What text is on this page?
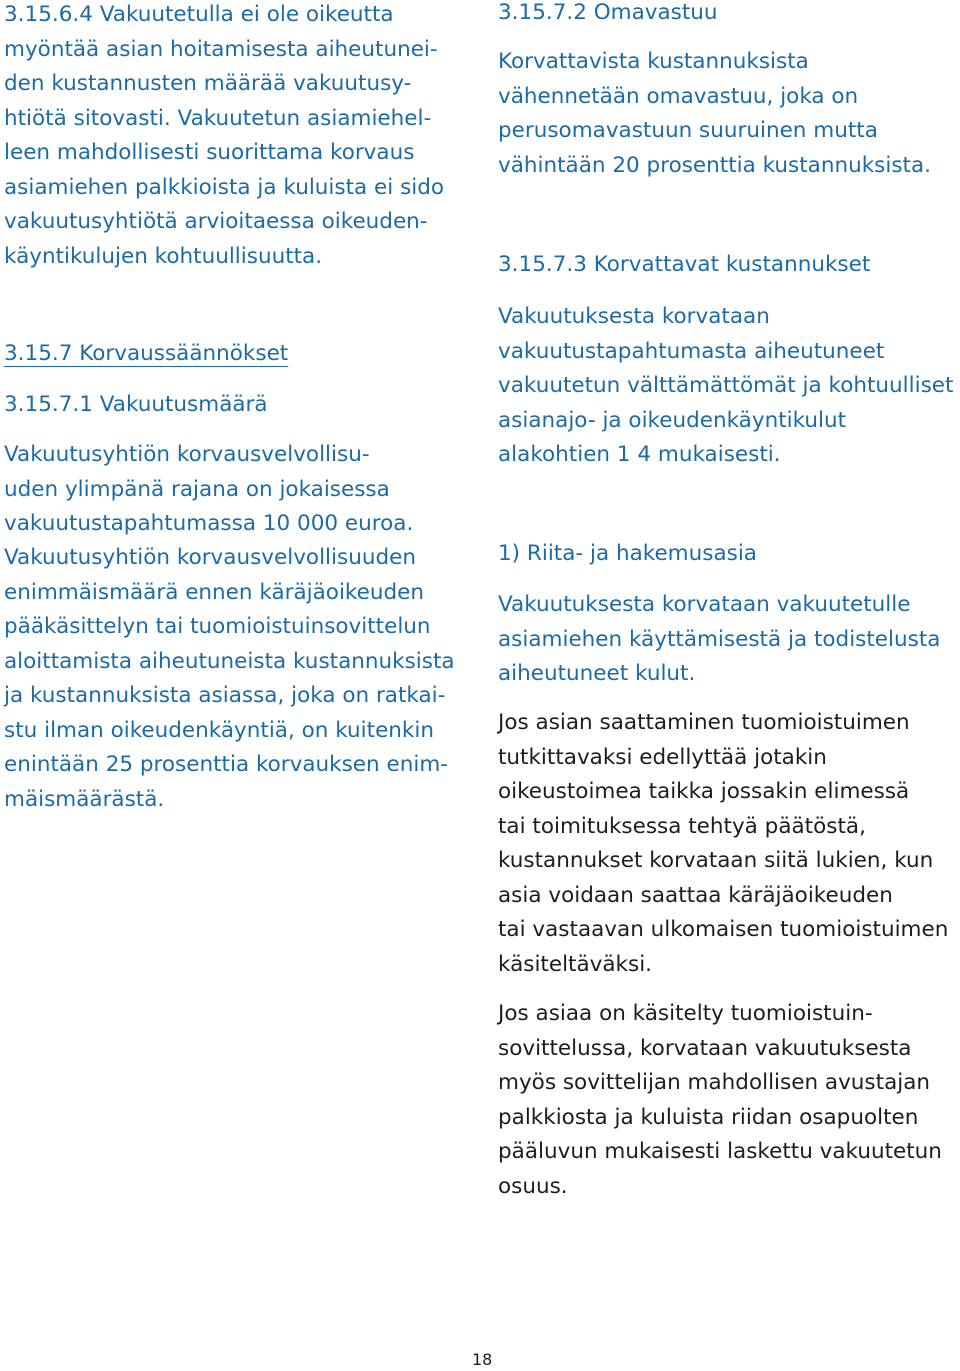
3.15.6.4 Vakuutetulla ei ole oikeutta
myöntää asian hoitamisesta aiheutunei-
den kustannusten määrää vakuutusy-
htiötä sitovasti. Vakuutetun asiamiehel-
leen mahdollisesti suorittama korvaus
asiamiehen palkkioista ja kuluista ei sido
vakuutusyhtiötä arvioitaessa oikeuden-
käyntikulujen kohtuullisuutta.

3.15.7 Korvaussäännökset

3.15.7.1 Vakuutusmäärä

Vakuutusyhtiön korvausvelvollisu-
uden ylimpänä rajana on jokaisessa
vakuutustapahtumassa 10 000 euroa.

Vakuutusyhtiön korvausvelvollisuuden
enimmäismäärä ennen käräjäoikeuden
pääkäsittelyn tai tuomioistuinsovittelun
aloittamista aiheutuneista kustannuksista
ja kustannuksista asiassa, joka on ratkai-
stu ilman oikeudenkäyntiä, on kuitenkin
enintään 25 prosenttia korvauksen enim-
mäismäärästä.

3.15.7.2 Omavastuu

Korvattavista kustannuksista
vähennetään omavastuu, joka on
perusomavastuun suuruinen mutta
vähintään 20 prosenttia kustannuksista.

3.15.7.3 Korvattavat kustannukset

Vakuutuksesta korvataan
vakuutustapahtumasta aiheutuneet
vakuutetun välttämättömät ja kohtuulliset
asianajo- ja oikeudenkäyntikulut
alakohtien 1 4 mukaisesti.

1) Riita- ja hakemusasia

Vakuutuksesta korvataan vakuutetulle
asiamiehen käyttämisestä ja todistelusta
aiheutuneet kulut.

Jos asian saattaminen tuomioistuimen
tutkittavaksi edellyttää jotakin
oikeustoimea taikka jossakin elimessä
tai toimituksessa tehtyä päätöstä,
kustannukset korvataan siitä lukien, kun
asia voidaan saattaa käräjäoikeuden
tai vastaavan ulkomaisen tuomioistuimen
käsiteltäväksi.

Jos asiaa on käsitelty tuomioistuin-
sovittelussa, korvataan vakuutuksesta
myös sovittelijan mahdollisen avustajan
palkkiosta ja kuluista riidan osapuolten
pääluvun mukaisesti laskettu vakuutetun
osuus.

18
